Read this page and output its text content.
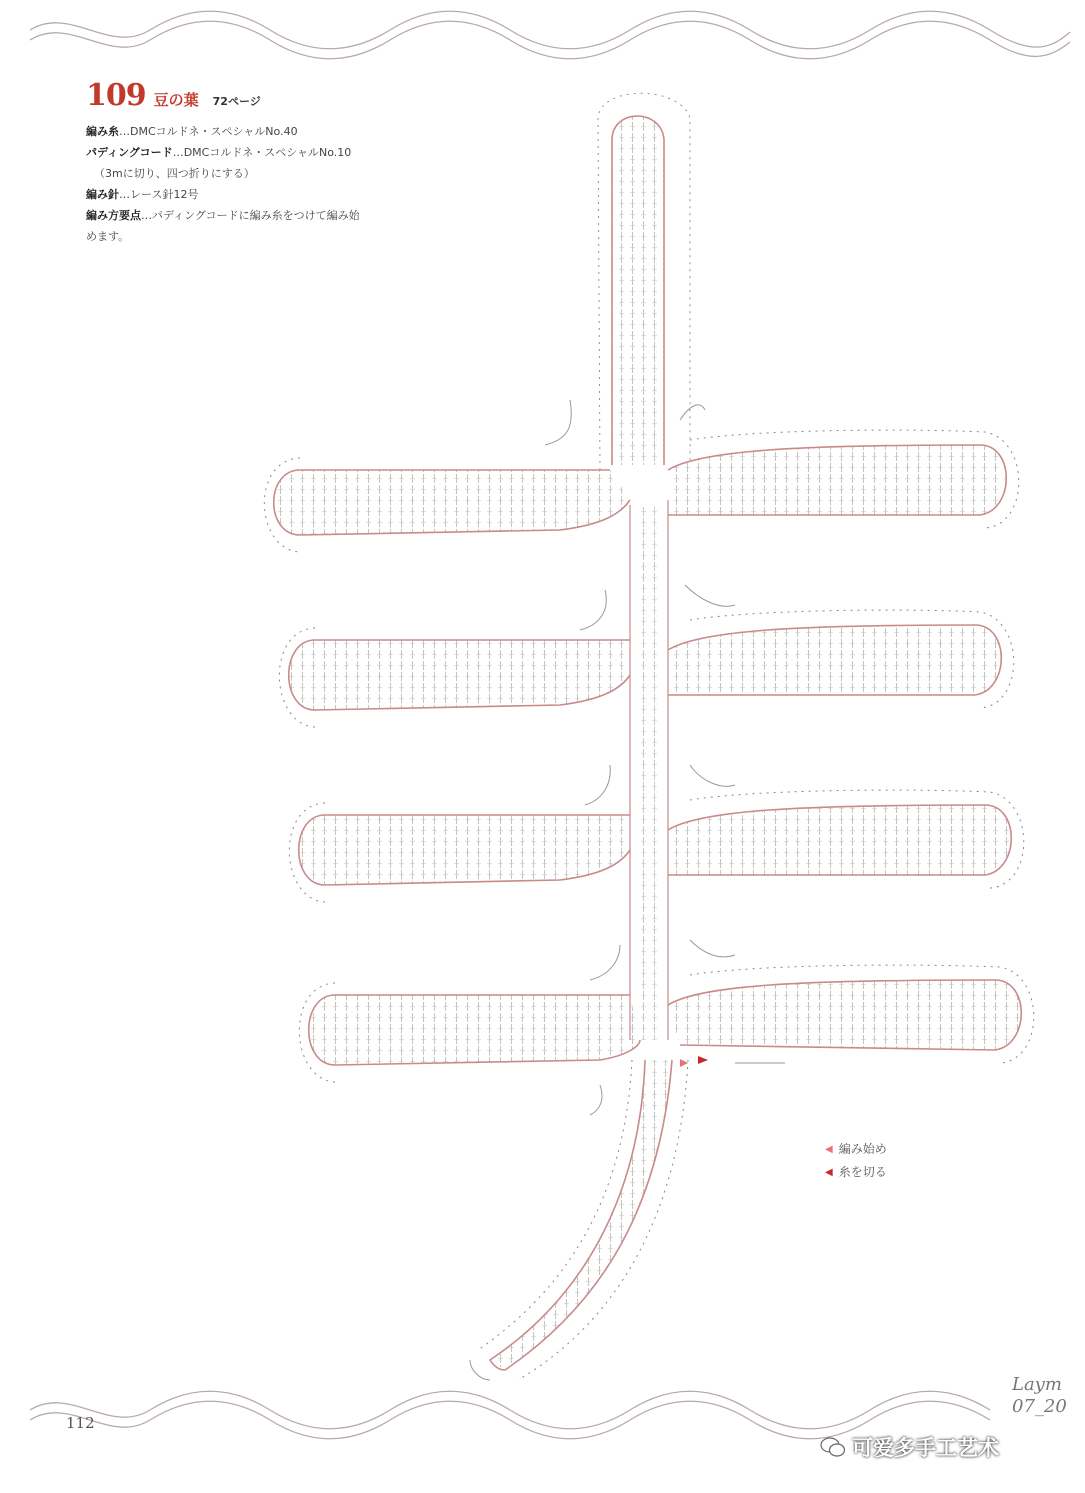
109 豆の葉 72ページ
編み糸…DMCコルドネ・スペシャルNo.40
パディングコード…DMCコルドネ・スペシャルNo.10
（3mに切り、四つ折りにする）
編み針…レース針12号
編み方要点…パディングコードに編み糸をつけて編み始
めます。
◀ 編み始め
◀ 糸を切る
112
Laym
07_20
可爱多手工艺术
